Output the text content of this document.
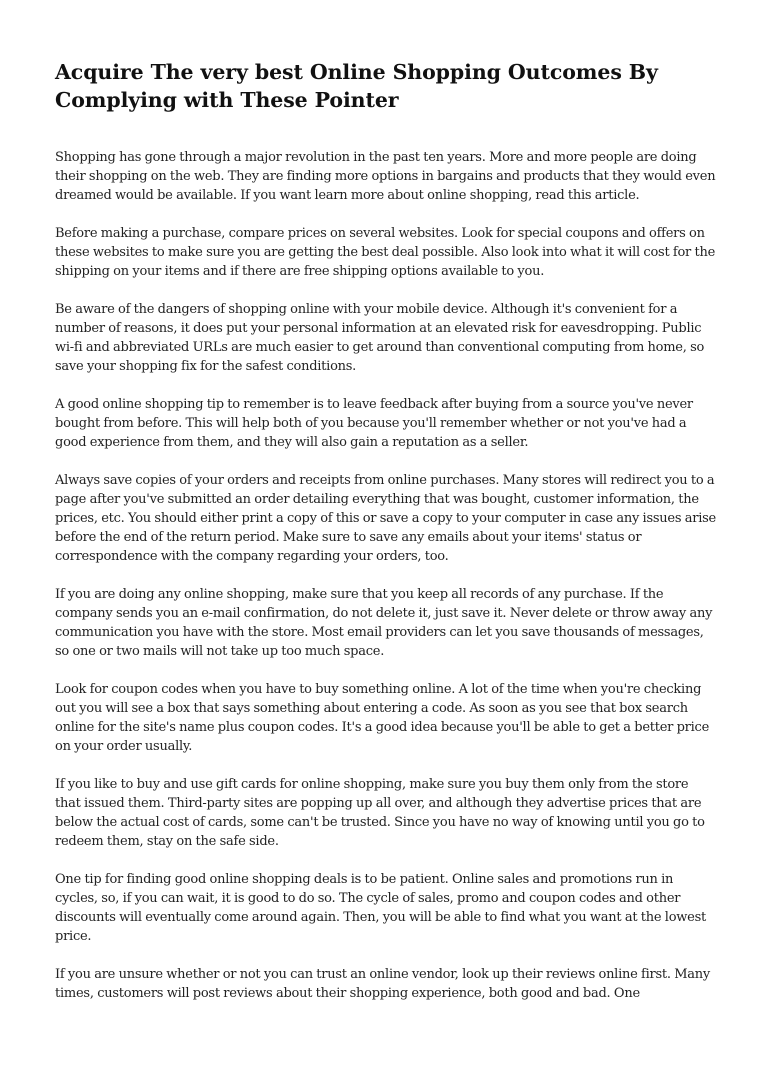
Acquire The very best Online Shopping Outcomes By Complying with These Pointer

Shopping has gone through a major revolution in the past ten years. More and more people are doing their shopping on the web. They are finding more options in bargains and products that they would even dreamed would be available. If you want learn more about online shopping, read this article.

Before making a purchase, compare prices on several websites. Look for special coupons and offers on these websites to make sure you are getting the best deal possible. Also look into what it will cost for the shipping on your items and if there are free shipping options available to you.

Be aware of the dangers of shopping online with your mobile device. Although it's convenient for a number of reasons, it does put your personal information at an elevated risk for eavesdropping. Public wi-fi and abbreviated URLs are much easier to get around than conventional computing from home, so save your shopping fix for the safest conditions.

A good online shopping tip to remember is to leave feedback after buying from a source you've never bought from before. This will help both of you because you'll remember whether or not you've had a good experience from them, and they will also gain a reputation as a seller.

Always save copies of your orders and receipts from online purchases. Many stores will redirect you to a page after you've submitted an order detailing everything that was bought, customer information, the prices, etc. You should either print a copy of this or save a copy to your computer in case any issues arise before the end of the return period. Make sure to save any emails about your items' status or correspondence with the company regarding your orders, too.

If you are doing any online shopping, make sure that you keep all records of any purchase. If the company sends you an e-mail confirmation, do not delete it, just save it. Never delete or throw away any communication you have with the store. Most email providers can let you save thousands of messages, so one or two mails will not take up too much space.

Look for coupon codes when you have to buy something online. A lot of the time when you're checking out you will see a box that says something about entering a code. As soon as you see that box search online for the site's name plus coupon codes. It's a good idea because you'll be able to get a better price on your order usually.

If you like to buy and use gift cards for online shopping, make sure you buy them only from the store that issued them. Third-party sites are popping up all over, and although they advertise prices that are below the actual cost of cards, some can't be trusted. Since you have no way of knowing until you go to redeem them, stay on the safe side.

One tip for finding good online shopping deals is to be patient. Online sales and promotions run in cycles, so, if you can wait, it is good to do so. The cycle of sales, promo and coupon codes and other discounts will eventually come around again. Then, you will be able to find what you want at the lowest price.

If you are unsure whether or not you can trust an online vendor, look up their reviews online first. Many times, customers will post reviews about their shopping experience, both good and bad. One
